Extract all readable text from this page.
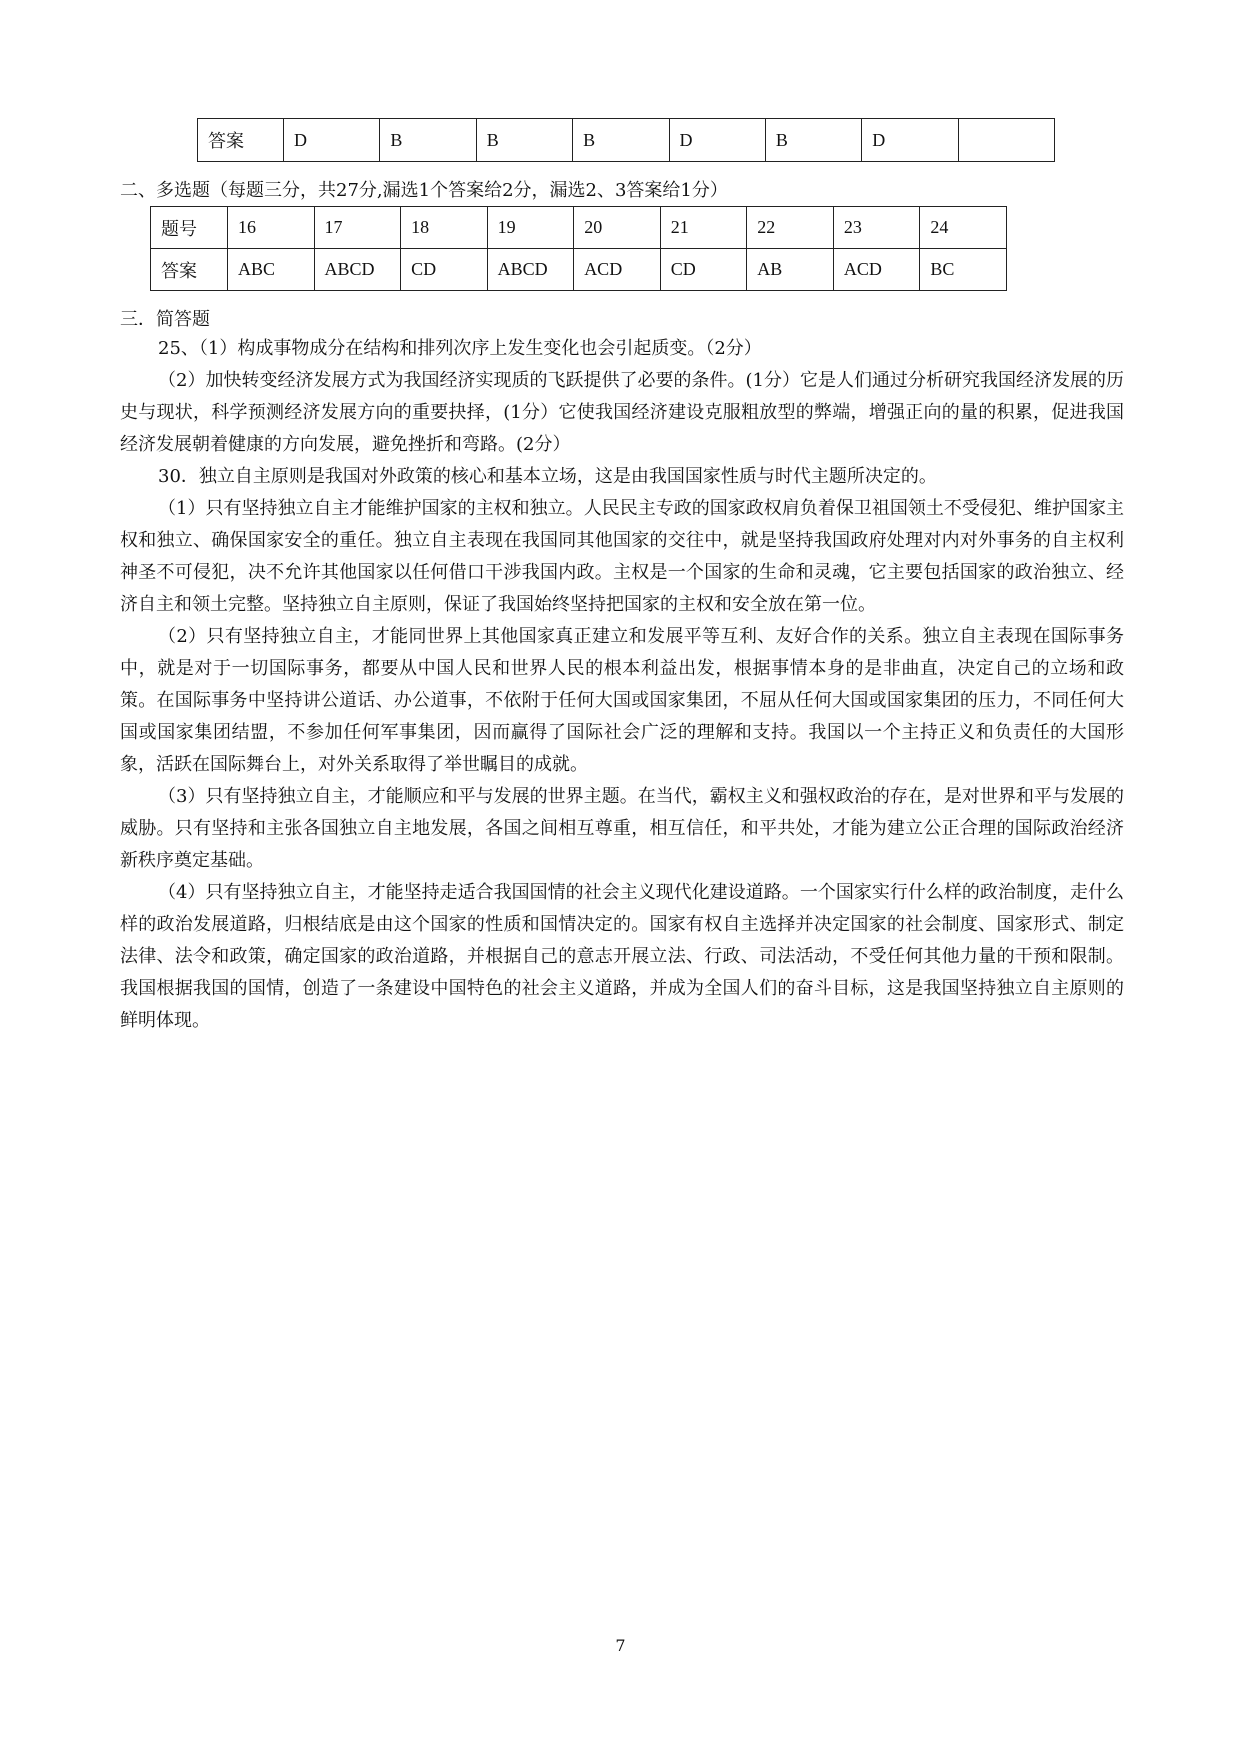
答案	D	B	B	B	D	B	D	
二、多选题（每题三分，共27分,漏选1个答案给2分，漏选2、3答案给1分）
题号	16	17	18	19	20	21	22	23	24
答案	ABC	ABCD	CD	ABCD	ACD	CD	AB	ACD	BC
三．简答题

25、（1）构成事物成分在结构和排列次序上发生变化也会引起质变。（2分）

（2）加快转变经济发展方式为我国经济实现质的飞跃提供了必要的条件。(1分）它是人们通过分析研究我国经济发展的历史与现状，科学预测经济发展方向的重要抉择，(1分）它使我国经济建设克服粗放型的弊端，增强正向的量的积累，促进我国经济发展朝着健康的方向发展，避免挫折和弯路。(2分）

30．独立自主原则是我国对外政策的核心和基本立场，这是由我国国家性质与时代主题所决定的。

（1）只有坚持独立自主才能维护国家的主权和独立。人民民主专政的国家政权肩负着保卫祖国领土不受侵犯、维护国家主权和独立、确保国家安全的重任。独立自主表现在我国同其他国家的交往中，就是坚持我国政府处理对内对外事务的自主权利神圣不可侵犯，决不允许其他国家以任何借口干涉我国内政。主权是一个国家的生命和灵魂，它主要包括国家的政治独立、经济自主和领土完整。坚持独立自主原则，保证了我国始终坚持把国家的主权和安全放在第一位。

（2）只有坚持独立自主，才能同世界上其他国家真正建立和发展平等互利、友好合作的关系。独立自主表现在国际事务中，就是对于一切国际事务，都要从中国人民和世界人民的根本利益出发，根据事情本身的是非曲直，决定自己的立场和政策。在国际事务中坚持讲公道话、办公道事，不依附于任何大国或国家集团，不屈从任何大国或国家集团的压力，不同任何大国或国家集团结盟，不参加任何军事集团，因而赢得了国际社会广泛的理解和支持。我国以一个主持正义和负责任的大国形象，活跃在国际舞台上，对外关系取得了举世瞩目的成就。

（3）只有坚持独立自主，才能顺应和平与发展的世界主题。在当代，霸权主义和强权政治的存在，是对世界和平与发展的威胁。只有坚持和主张各国独立自主地发展，各国之间相互尊重，相互信任，和平共处，才能为建立公正合理的国际政治经济新秩序奠定基础。

（4）只有坚持独立自主，才能坚持走适合我国国情的社会主义现代化建设道路。一个国家实行什么样的政治制度，走什么样的政治发展道路，归根结底是由这个国家的性质和国情决定的。国家有权自主选择并决定国家的社会制度、国家形式、制定法律、法令和政策，确定国家的政治道路，并根据自己的意志开展立法、行政、司法活动，不受任何其他力量的干预和限制。我国根据我国的国情，创造了一条建设中国特色的社会主义道路，并成为全国人们的奋斗目标，这是我国坚持独立自主原则的鲜明体现。

7
